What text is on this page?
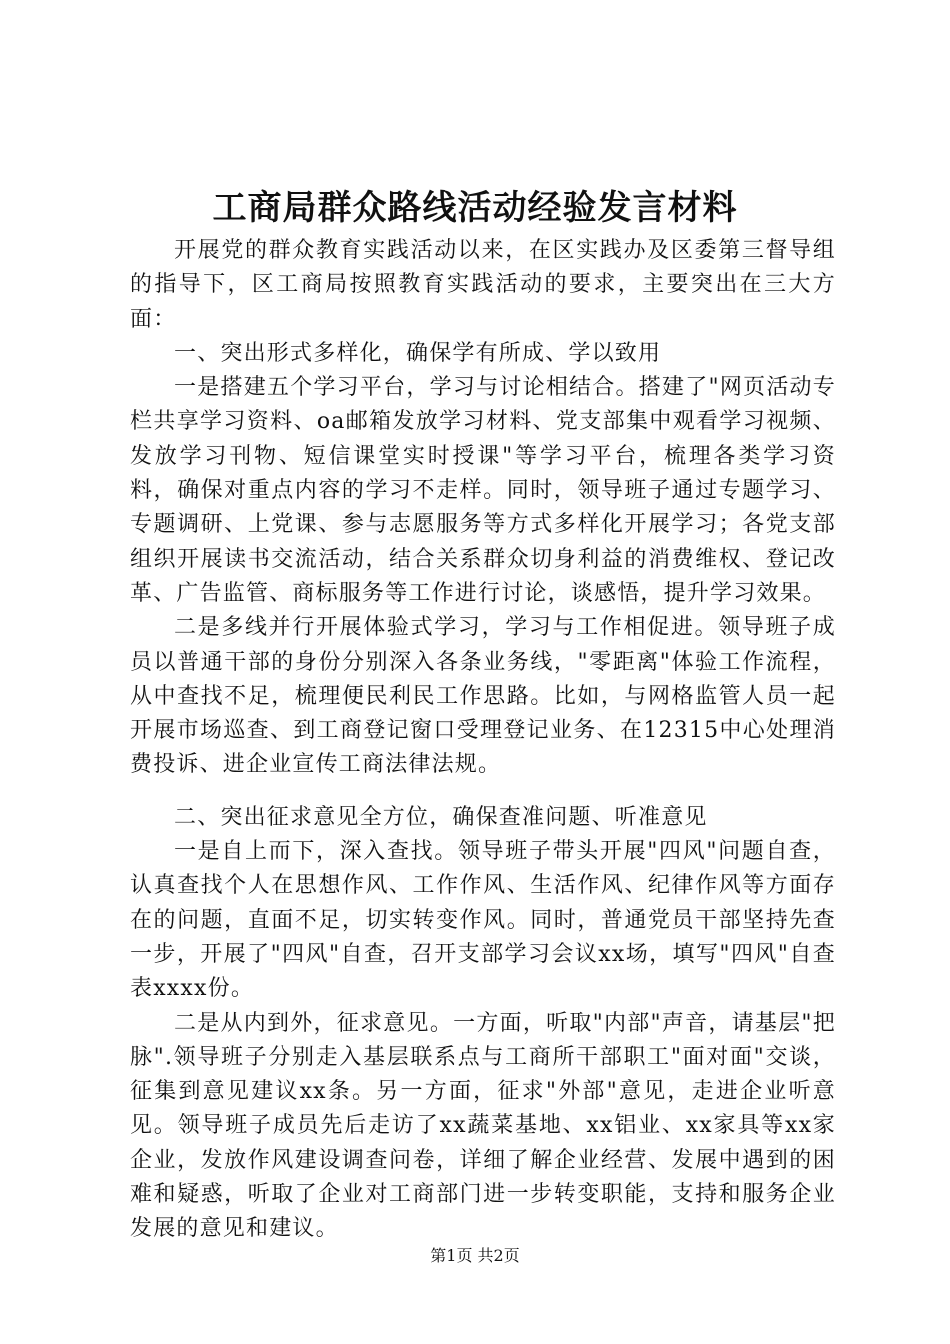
工商局群众路线活动经验发言材料

开展党的群众教育实践活动以来，在区实践办及区委第三督导组的指导下，区工商局按照教育实践活动的要求，主要突出在三大方面：

一、突出形式多样化，确保学有所成、学以致用

一是搭建五个学习平台，学习与讨论相结合。搭建了"网页活动专栏共享学习资料、oa邮箱发放学习材料、党支部集中观看学习视频、发放学习刊物、短信课堂实时授课"等学习平台，梳理各类学习资料，确保对重点内容的学习不走样。同时，领导班子通过专题学习、专题调研、上党课、参与志愿服务等方式多样化开展学习；各党支部组织开展读书交流活动，结合关系群众切身利益的消费维权、登记改革、广告监管、商标服务等工作进行讨论，谈感悟，提升学习效果。

二是多线并行开展体验式学习，学习与工作相促进。领导班子成员以普通干部的身份分别深入各条业务线，"零距离"体验工作流程，从中查找不足，梳理便民利民工作思路。比如，与网格监管人员一起开展市场巡查、到工商登记窗口受理登记业务、在12315中心处理消费投诉、进企业宣传工商法律法规。

二、突出征求意见全方位，确保查准问题、听准意见

一是自上而下，深入查找。领导班子带头开展"四风"问题自查，认真查找个人在思想作风、工作作风、生活作风、纪律作风等方面存在的问题，直面不足，切实转变作风。同时，普通党员干部坚持先查一步，开展了"四风"自查，召开支部学习会议xx场，填写"四风"自查表xxxx份。

二是从内到外，征求意见。一方面，听取"内部"声音，请基层"把脉".领导班子分别走入基层联系点与工商所干部职工"面对面"交谈，征集到意见建议xx条。另一方面，征求"外部"意见，走进企业听意见。领导班子成员先后走访了xx蔬菜基地、xx铝业、xx家具等xx家企业，发放作风建设调查问卷，详细了解企业经营、发展中遇到的困难和疑惑，听取了企业对工商部门进一步转变职能，支持和服务企业发展的意见和建议。

第1页 共2页
